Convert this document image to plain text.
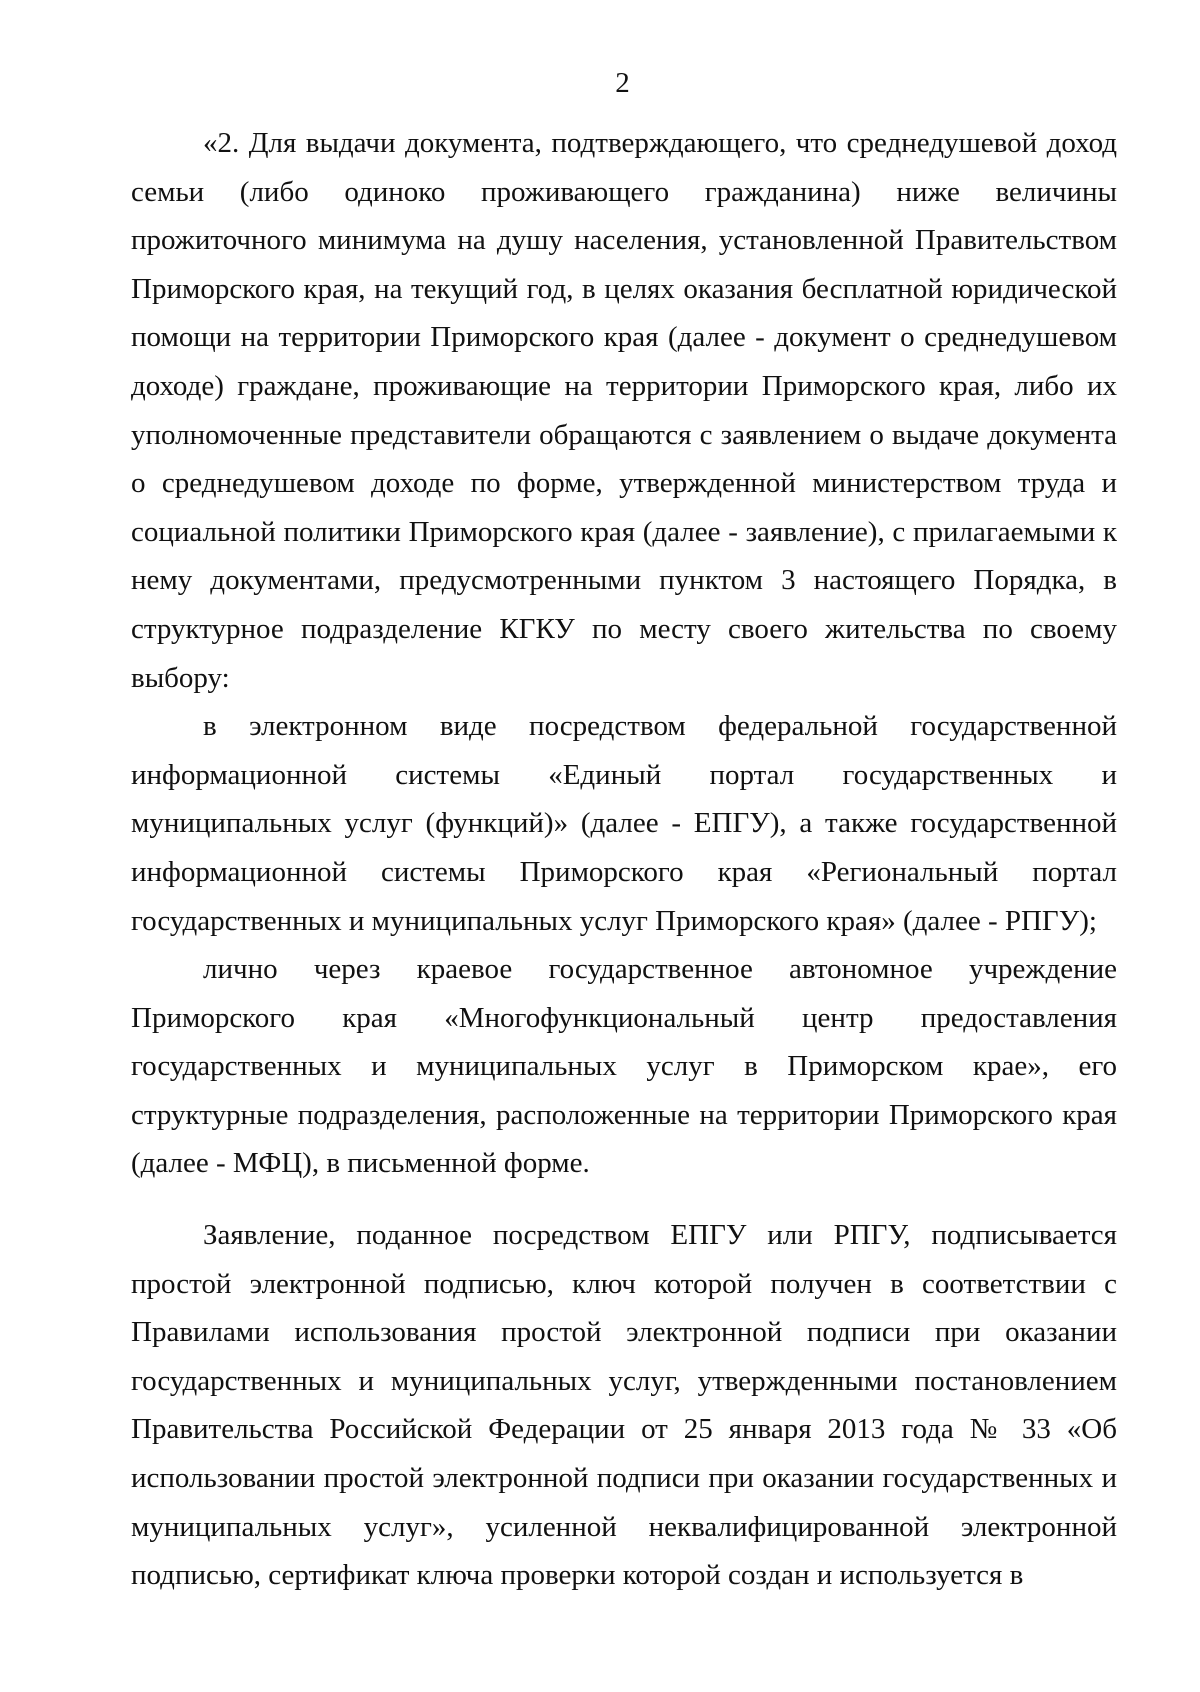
2

«2. Для выдачи документа, подтверждающего, что среднедушевой доход семьи (либо одиноко проживающего гражданина) ниже величины прожиточного минимума на душу населения, установленной Правительством Приморского края, на текущий год, в целях оказания бесплатной юридической помощи на территории Приморского края (далее - документ о среднедушевом доходе) граждане, проживающие на территории Приморского края, либо их уполномоченные представители обращаются с заявлением о выдаче документа о среднедушевом доходе по форме, утвержденной министерством труда и социальной политики Приморского края (далее - заявление), с прилагаемыми к нему документами, предусмотренными пунктом 3 настоящего Порядка, в структурное подразделение КГКУ по месту своего жительства по своему выбору:

в электронном виде посредством федеральной государственной информационной системы «Единый портал государственных и муниципальных услуг (функций)» (далее - ЕПГУ), а также государственной информационной системы Приморского края «Региональный портал государственных и муниципальных услуг Приморского края» (далее - РПГУ);

лично через краевое государственное автономное учреждение Приморского края «Многофункциональный центр предоставления государственных и муниципальных услуг в Приморском крае», его структурные подразделения, расположенные на территории Приморского края (далее - МФЦ), в письменной форме.

Заявление, поданное посредством ЕПГУ или РПГУ, подписывается простой электронной подписью, ключ которой получен в соответствии с Правилами использования простой электронной подписи при оказании государственных и муниципальных услуг, утвержденными постановлением Правительства Российской Федерации от 25 января 2013 года № 33 «Об использовании простой электронной подписи при оказании государственных и муниципальных услуг», усиленной неквалифицированной электронной подписью, сертификат ключа проверки которой создан и используется в
